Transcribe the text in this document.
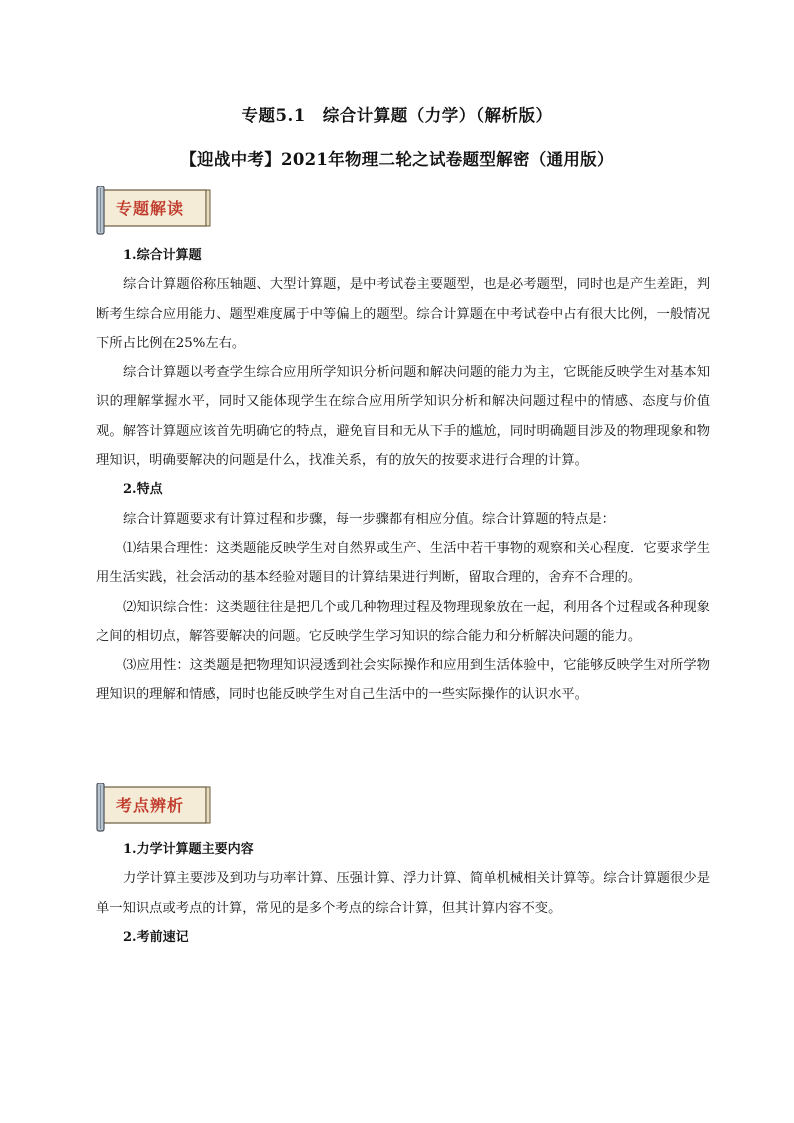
专题5.1　综合计算题（力学）（解析版）
【迎战中考】2021年物理二轮之试卷题型解密（通用版）
专题解读

1.综合计算题

综合计算题俗称压轴题、大型计算题，是中考试卷主要题型，也是必考题型，同时也是产生差距，判断考生综合应用能力、题型难度属于中等偏上的题型。综合计算题在中考试卷中占有很大比例，一般情况下所占比例在25%左右。

综合计算题以考查学生综合应用所学知识分析问题和解决问题的能力为主，它既能反映学生对基本知识的理解掌握水平，同时又能体现学生在综合应用所学知识分析和解决问题过程中的情感、态度与价值观。解答计算题应该首先明确它的特点，避免盲目和无从下手的尴尬，同时明确题目涉及的物理现象和物理知识，明确要解决的问题是什么，找准关系，有的放矢的按要求进行合理的计算。

2.特点

综合计算题要求有计算过程和步骤，每一步骤都有相应分值。综合计算题的特点是：

⑴结果合理性：这类题能反映学生对自然界或生产、生活中若干事物的观察和关心程度．它要求学生用生活实践，社会活动的基本经验对题目的计算结果进行判断，留取合理的，舍弃不合理的。

⑵知识综合性：这类题往往是把几个或几种物理过程及物理现象放在一起，利用各个过程或各种现象之间的相切点，解答要解决的问题。它反映学生学习知识的综合能力和分析解决问题的能力。

⑶应用性：这类题是把物理知识浸透到社会实际操作和应用到生活体验中，它能够反映学生对所学物理知识的理解和情感，同时也能反映学生对自己生活中的一些实际操作的认识水平。

考点辨析

1.力学计算题主要内容

力学计算主要涉及到功与功率计算、压强计算、浮力计算、简单机械相关计算等。综合计算题很少是单一知识点或考点的计算，常见的是多个考点的综合计算，但其计算内容不变。

2.考前速记
